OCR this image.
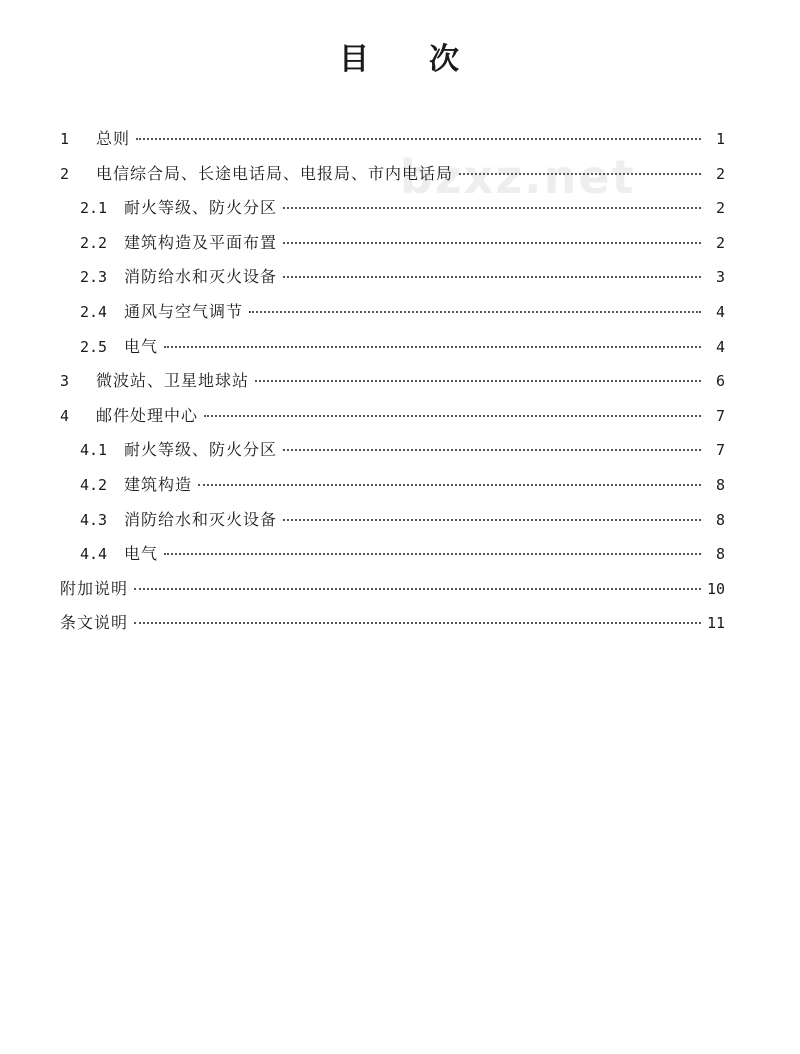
目 次
bzxz.net
1	总则	1
2	电信综合局、长途电话局、电报局、市内电话局	2
2.1	耐火等级、防火分区	2
2.2	建筑构造及平面布置	2
2.3	消防给水和灭火设备	3
2.4	通风与空气调节	4
2.5	电气	4
3	微波站、卫星地球站	6
4	邮件处理中心	7
4.1	耐火等级、防火分区	7
4.2	建筑构造	8
4.3	消防给水和灭火设备	8
4.4	电气	8
附加说明	10
条文说明	11
